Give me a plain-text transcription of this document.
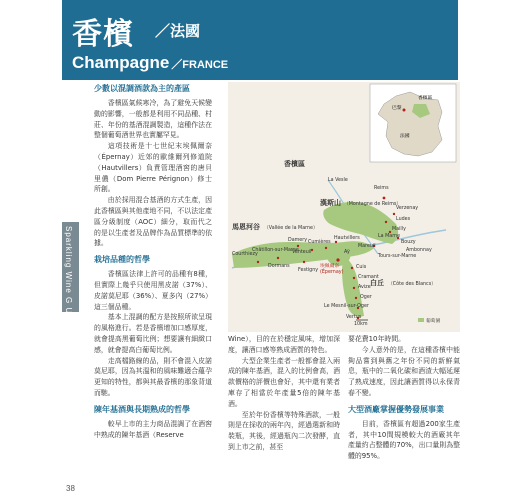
香檳 ／法國
Champagne ／FRANCE
Sparkling Wine G U I D E
少數以混調酒款為主的產區

香檳區氣候寒冷，為了避免天候變動的影響，一般都是利用不同品種、村莊、年份的基酒混調製造，這種作法在整個葡萄酒世界也實屬罕見。

這項技術是十七世紀末埃佩爾奈（Épernay）近郊的歐維爾列修道院（Hautvillers）負責管理酒窖的唐貝里儂（Dom Pierre Pérignon）修士所創。

由於採用混合基酒的方式生產，因此香檳區與其他產地不同，不以法定產區分級制度（AOC）細分，取而代之的是以生產者及品牌作為品質標準的依據。

栽培品種的哲學

香檳區法律上許可的品種有8種，但實際上幾乎只使用黑皮諾（37%）、皮諾莫尼耶（36%）、夏多內（27%）這三個品種。

基本上混調的配方是按照所欲呈現的風格進行。若是香檳增加口感厚度，就會提高黑葡萄比例；想要讓有細緻口感，就會提高白葡萄比例。

走高檔路線的品，則不會混入皮諾莫尼耶，因為其溫和的風味難適合蘊孕更知的特性，都與其最香檳的那象背道而馳。

陳年基酒與長期熟成的哲學

較早上市的主力商品混調了在酒窖中熟成的陳年基酒（Reserve

巴黎
香檳區
法國
香檳區
La Vesle
Reims
漢斯山 （Montagne de Reims）
Verzenay
Ludes
Mailly
Bouzy
Ambonnay
Tours-sur-Marne
馬恩河谷 （Vallée de la Marne）
Hautvillers
Cumières
Mareuil
Aÿ
埃佩爾奈
(Épernay)
Damery
Venteuil
Châtillon-sur-Marne
Dormans
Courthiezy
Festigny
La Marne
Cuis
Cramant
Avize
Oger
Le Mesnil-sur-Oger
Vertus
白丘 （Côte des Blancs）
10km
葡萄園

Wine），目的在於穩定風味，增加深度，讓酒口感等熟成酒質的特色。

大型企業生產者一般都會混入兩成的陳年基酒，混入的比例會高，酒款價格的評價也會好，其中還有業者庫存了相當於年產量5倍的陳年基酒。

至於年份香檳等特殊酒款，一般則是在採收的兩年內，經過選新和時裝瓶，其後，經過瓶內二次發酵，直到上市之前，甚至

要花費10年時間。

今人意外的是，在這種香檳中能夠品嘗到與舊之年份不同的新鮮氣息，瓶中的二氧化碳和酒渣大幅延遲了熟成速度，因此讓酒質得以永保青春不變。

大型酒廠掌握優勢發展事業

目前，香檳區有超過200家生產者，其中10間規模較大的酒廠其年產量約占整體的70%，出口量則為整體的95%。

38
